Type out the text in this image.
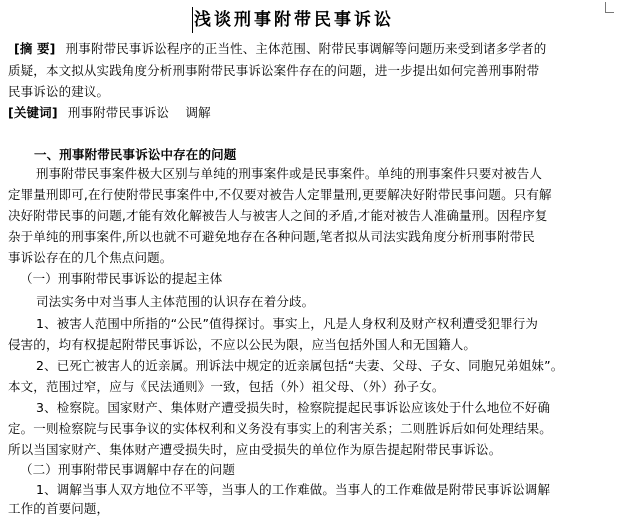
浅谈刑事附带民事诉讼
[摘 要] 刑事附带民事诉讼程序的正当性、主体范围、附带民事调解等问题历来受到诸多学者的
质疑，本文拟从实践角度分析刑事附带民事诉讼案件存在的问题，进一步提出如何完善刑事附带
民事诉讼的建议。
[关键词] 刑事附带民事诉讼    调解
一、刑事附带民事诉讼中存在的问题
刑事附带民事案件极大区别与单纯的刑事案件或是民事案件。单纯的刑事案件只要对被告人
定罪量刑即可,在行使附带民事案件中,不仅要对被告人定罪量刑,更要解决好附带民事问题。只有解
决好附带民事的问题,才能有效化解被告人与被害人之间的矛盾,才能对被告人准确量刑。因程序复
杂于单纯的刑事案件,所以也就不可避免地存在各种问题,笔者拟从司法实践角度分析刑事附带民
事诉讼存在的几个焦点问题。
（一）刑事附带民事诉讼的提起主体
司法实务中对当事人主体范围的认识存在着分歧。
1、被害人范围中所指的“公民”值得探讨。事实上，凡是人身权利及财产权利遭受犯罪行为
侵害的，均有权提起附带民事诉讼，不应以公民为限，应当包括外国人和无国籍人。
2、已死亡被害人的近亲属。刑诉法中规定的近亲属包括“夫妻、父母、子女、同胞兄弟姐妹”。
本文，范围过窄，应与《民法通则》一致，包括（外）祖父母、（外）孙子女。
3、检察院。国家财产、集体财产遭受损失时，检察院提起民事诉讼应该处于什么地位不好确
定。一则检察院与民事争议的实体权利和义务没有事实上的利害关系；二则胜诉后如何处理结果。
所以当国家财产、集体财产遭受损失时，应由受损失的单位作为原告提起附带民事诉讼。
（二）刑事附带民事调解中存在的问题
1、调解当事人双方地位不平等，当事人的工作难做。当事人的工作难做是附带民事诉讼调解
工作的首要问题，
